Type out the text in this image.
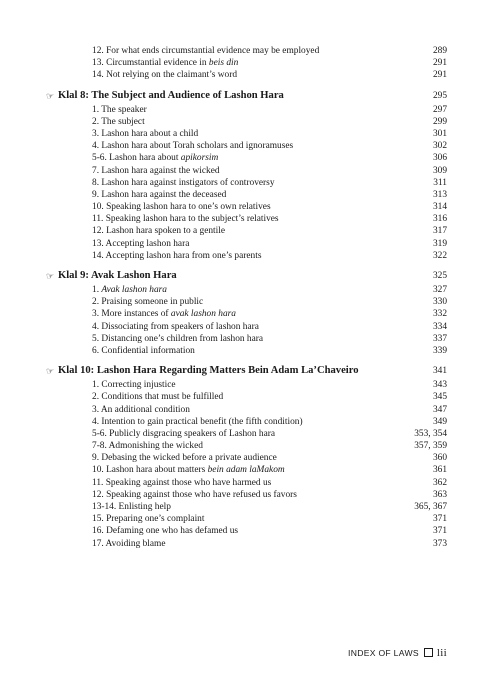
12. For what ends circumstantial evidence may be employed	289
13. Circumstantial evidence in beis din	291
14. Not relying on the claimant’s word	291
☞ Klal 8: The Subject and Audience of Lashon Hara	295
1. The speaker	297
2. The subject	299
3. Lashon hara about a child	301
4. Lashon hara about Torah scholars and ignoramuses	302
5-6. Lashon hara about apikorsim	306
7. Lashon hara against the wicked	309
8. Lashon hara against instigators of controversy	311
9. Lashon hara against the deceased	313
10. Speaking lashon hara to one’s own relatives	314
11. Speaking lashon hara to the subject’s relatives	316
12. Lashon hara spoken to a gentile	317
13. Accepting lashon hara	319
14. Accepting lashon hara from one’s parents	322
☞ Klal 9: Avak Lashon Hara	325
1. Avak lashon hara	327
2. Praising someone in public	330
3. More instances of avak lashon hara	332
4. Dissociating from speakers of lashon hara	334
5. Distancing one’s children from lashon hara	337
6. Confidential information	339
☞ Klal 10: Lashon Hara Regarding Matters Bein Adam La’Chaveiro	341
1. Correcting injustice	343
2. Conditions that must be fulfilled	345
3. An additional condition	347
4. Intention to gain practical benefit (the fifth condition)	349
5-6. Publicly disgracing speakers of Lashon hara	353, 354
7-8. Admonishing the wicked	357, 359
9. Debasing the wicked before a private audience	360
10. Lashon hara about matters bein adam laMakom	361
11. Speaking against those who have harmed us	362
12. Speaking against those who have refused us favors	363
13-14. Enlisting help	365, 367
15. Preparing one’s complaint	371
16. Defaming one who has defamed us	371
17. Avoiding blame	373
INDEX OF LAWS lii
